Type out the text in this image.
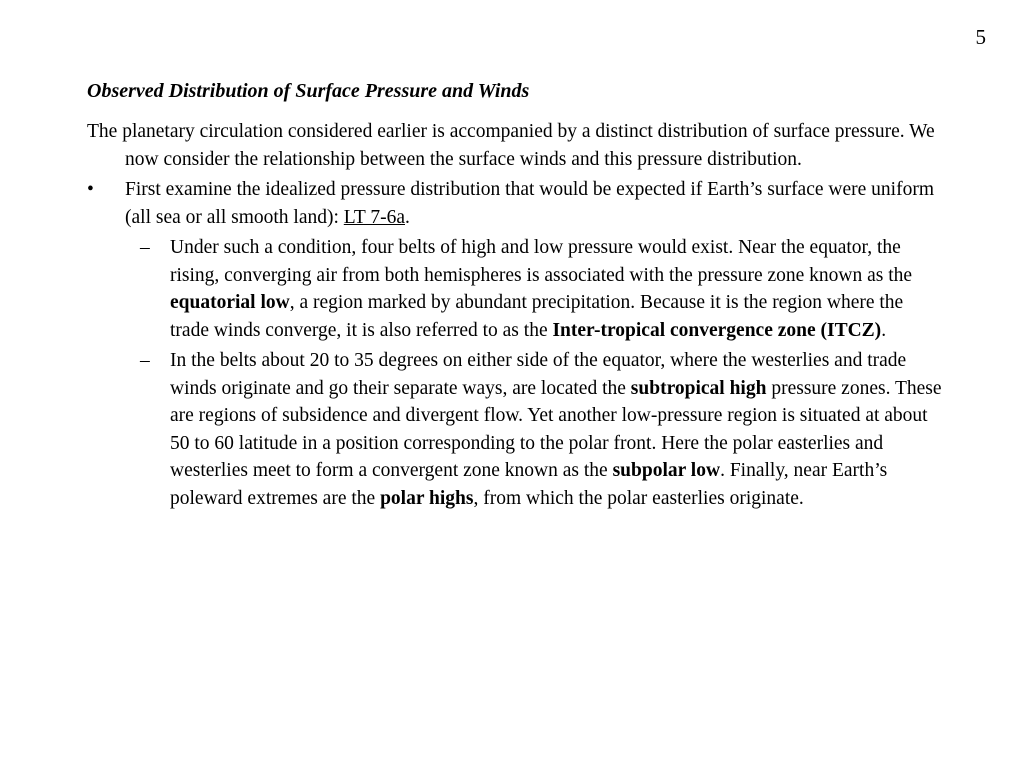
5
Observed Distribution of Surface Pressure and Winds

The planetary circulation considered earlier is accompanied by a distinct distribution of surface pressure. We now consider the relationship between the surface winds and this pressure distribution.

• First examine the idealized pressure distribution that would be expected if Earth’s surface were uniform (all sea or all smooth land): LT 7-6a.
– Under such a condition, four belts of high and low pressure would exist. Near the equator, the rising, converging air from both hemispheres is associated with the pressure zone known as the equatorial low, a region marked by abundant precipitation. Because it is the region where the trade winds converge, it is also referred to as the Inter-tropical convergence zone (ITCZ).
– In the belts about 20 to 35 degrees on either side of the equator, where the westerlies and trade winds originate and go their separate ways, are located the subtropical high pressure zones. These are regions of subsidence and divergent flow. Yet another low-pressure region is situated at about 50 to 60 latitude in a position corresponding to the polar front. Here the polar easterlies and westerlies meet to form a convergent zone known as the subpolar low. Finally, near Earth’s poleward extremes are the polar highs, from which the polar easterlies originate.
